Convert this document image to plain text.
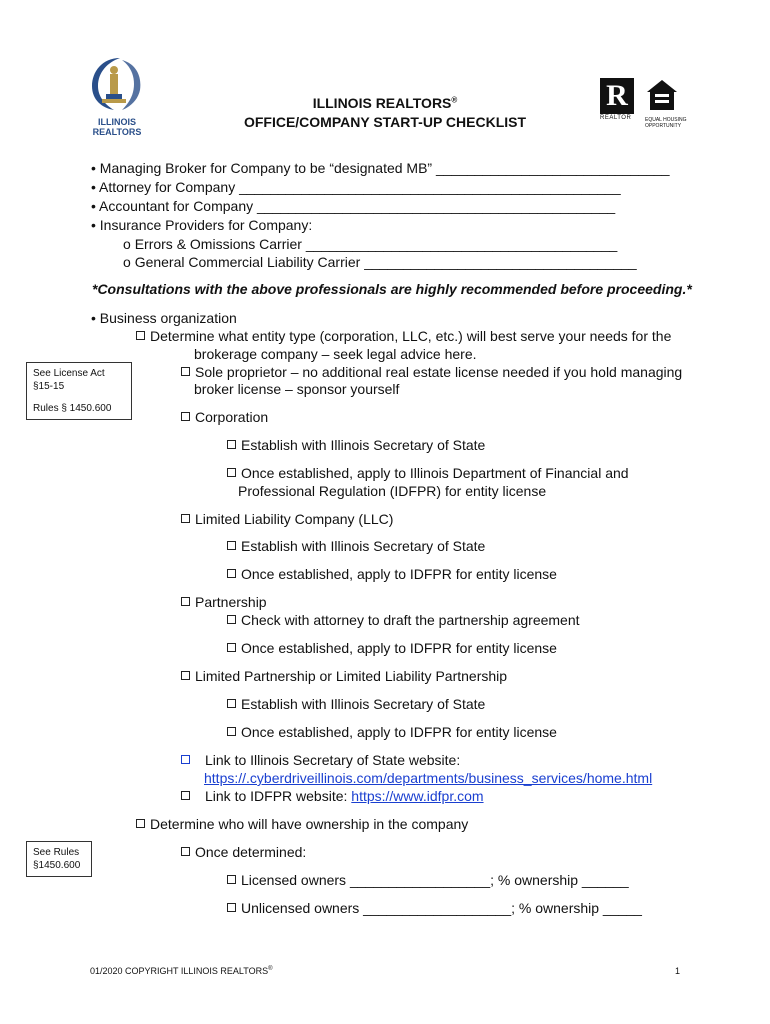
ILLINOIS
REALTORS
ILLINOIS REALTORS®
OFFICE/COMPANY START-UP CHECKLIST
R
REALTOR	EQUAL HOUSING OPPORTUNITY
• Managing Broker for Company to be “designated MB” ______________________________
• Attorney for Company _________________________________________________
• Accountant for Company ______________________________________________
• Insurance Providers for Company:
o Errors & Omissions Carrier ________________________________________
o General Commercial Liability Carrier ___________________________________
*Consultations with the above professionals are highly recommended before proceeding.*
• Business organization
Determine what entity type (corporation, LLC, etc.) will best serve your needs for the
brokerage company – seek legal advice here.
See License Act
§15-15
Rules § 1450.600
Sole proprietor – no additional real estate license needed if you hold managing
broker license – sponsor yourself
Corporation
Establish with Illinois Secretary of State
Once established, apply to Illinois Department of Financial and
Professional Regulation (IDFPR) for entity license
Limited Liability Company (LLC)
Establish with Illinois Secretary of State
Once established, apply to IDFPR for entity license
Partnership
Check with attorney to draft the partnership agreement
Once established, apply to IDFPR for entity license
Limited Partnership or Limited Liability Partnership
Establish with Illinois Secretary of State
Once established, apply to IDFPR for entity license
Link to Illinois Secretary of State website:
https://.cyberdriveillinois.com/departments/business_services/home.html
Link to IDFPR website: https://www.idfpr.com
Determine who will have ownership in the company
See Rules
§1450.600
Once determined:
Licensed owners __________________; % ownership ______
Unlicensed owners ___________________; % ownership _____
01/2020 COPYRIGHT ILLINOIS REALTORS®	1
